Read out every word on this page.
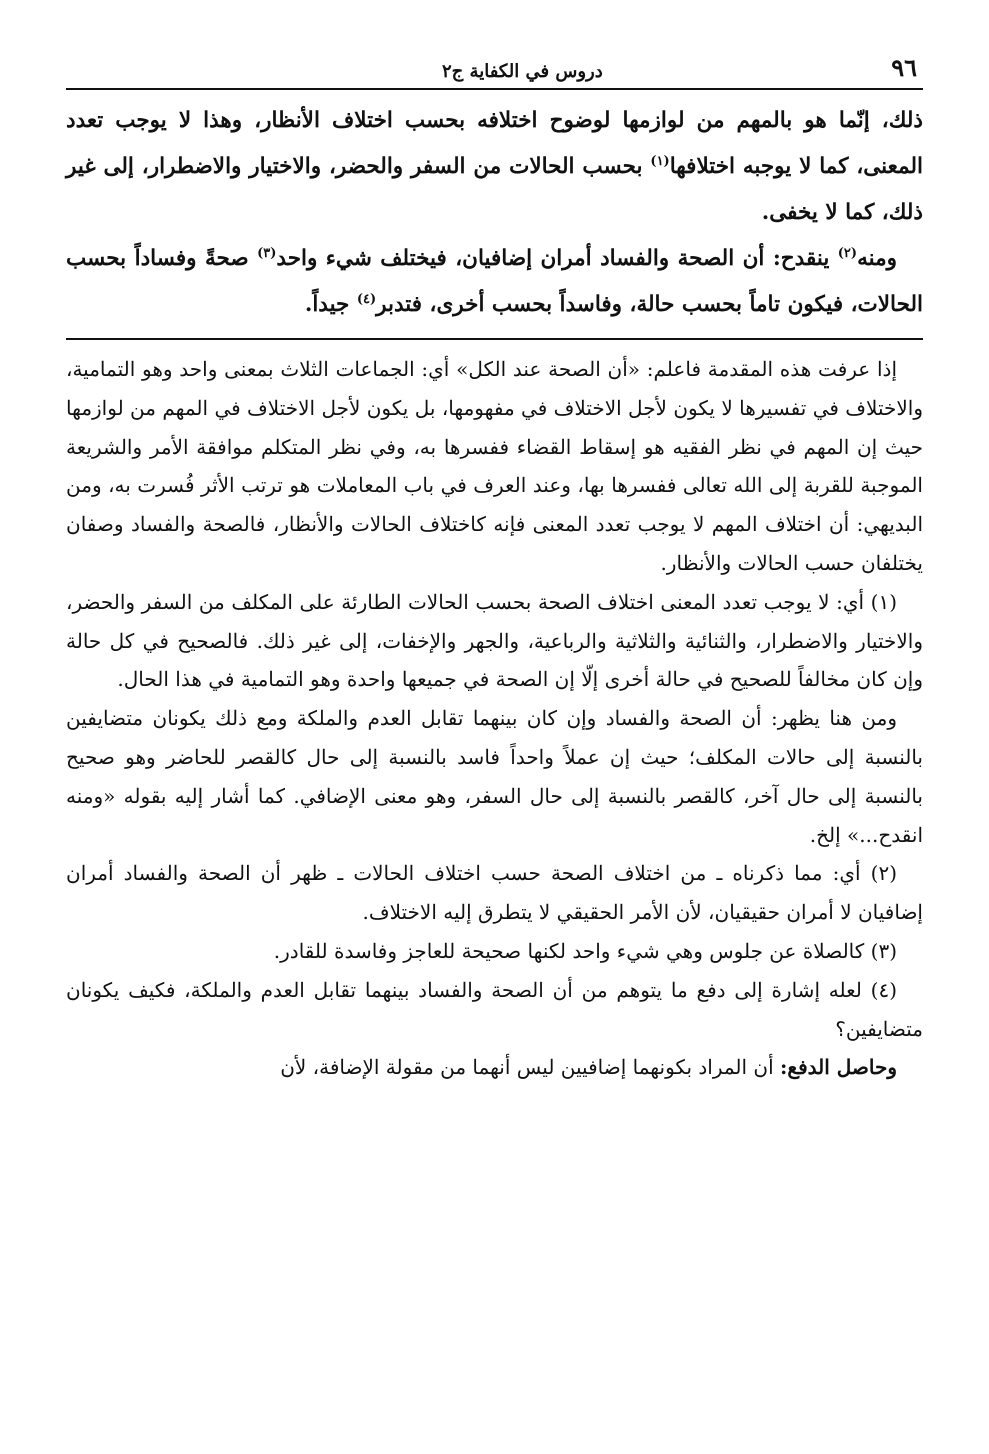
٩٦
دروس في الكفاية ج٢

ذلك، إنّما هو بالمهم من لوازمها لوضوح اختلافه بحسب اختلاف الأنظار، وهذا لا يوجب تعدد المعنى، كما لا يوجبه اختلافها$^{(١)}$ بحسب الحالات من السفر والحضر، والاختيار والاضطرار، إلى غير ذلك، كما لا يخفى.

ومنه$^{(٢)}$ ينقدح: أن الصحة والفساد أمران إضافيان، فيختلف شيء واحد$^{(٣)}$ صحةً وفساداً بحسب الحالات، فيكون تاماً بحسب حالة، وفاسداً بحسب أخرى، فتدبر$^{(٤)}$ جيداً.

إذا عرفت هذه المقدمة فاعلم: «أن الصحة عند الكل» أي: الجماعات الثلاث بمعنى واحد وهو التمامية، والاختلاف في تفسيرها لا يكون لأجل الاختلاف في مفهومها، بل يكون لأجل الاختلاف في المهم من لوازمها حيث إن المهم في نظر الفقيه هو إسقاط القضاء ففسرها به، وفي نظر المتكلم موافقة الأمر والشريعة الموجبة للقربة إلى الله تعالى ففسرها بها، وعند العرف في باب المعاملات هو ترتب الأثر فُسرت به، ومن البديهي: أن اختلاف المهم لا يوجب تعدد المعنى فإنه كاختلاف الحالات والأنظار، فالصحة والفساد وصفان يختلفان حسب الحالات والأنظار.

(١) أي: لا يوجب تعدد المعنى اختلاف الصحة بحسب الحالات الطارئة على المكلف من السفر والحضر، والاختيار والاضطرار، والثنائية والثلاثية والرباعية، والجهر والإخفات، إلى غير ذلك. فالصحيح في كل حالة وإن كان مخالفاً للصحيح في حالة أخرى إلّا إن الصحة في جميعها واحدة وهو التمامية في هذا الحال.

ومن هنا يظهر: أن الصحة والفساد وإن كان بينهما تقابل العدم والملكة ومع ذلك يكونان متضايفين بالنسبة إلى حالات المكلف؛ حيث إن عملاً واحداً فاسد بالنسبة إلى حال كالقصر للحاضر وهو صحيح بالنسبة إلى حال آخر، كالقصر بالنسبة إلى حال السفر، وهو معنى الإضافي. كما أشار إليه بقوله «ومنه انقدح...» إلخ.

(٢) أي: مما ذكرناه ـ من اختلاف الصحة حسب اختلاف الحالات ـ ظهر أن الصحة والفساد أمران إضافيان لا أمران حقيقيان، لأن الأمر الحقيقي لا يتطرق إليه الاختلاف.

(٣) كالصلاة عن جلوس وهي شيء واحد لكنها صحيحة للعاجز وفاسدة للقادر.

(٤) لعله إشارة إلى دفع ما يتوهم من أن الصحة والفساد بينهما تقابل العدم والملكة، فكيف يكونان متضايفين؟

وحاصل الدفع: أن المراد بكونهما إضافيين ليس أنهما من مقولة الإضافة، لأن
